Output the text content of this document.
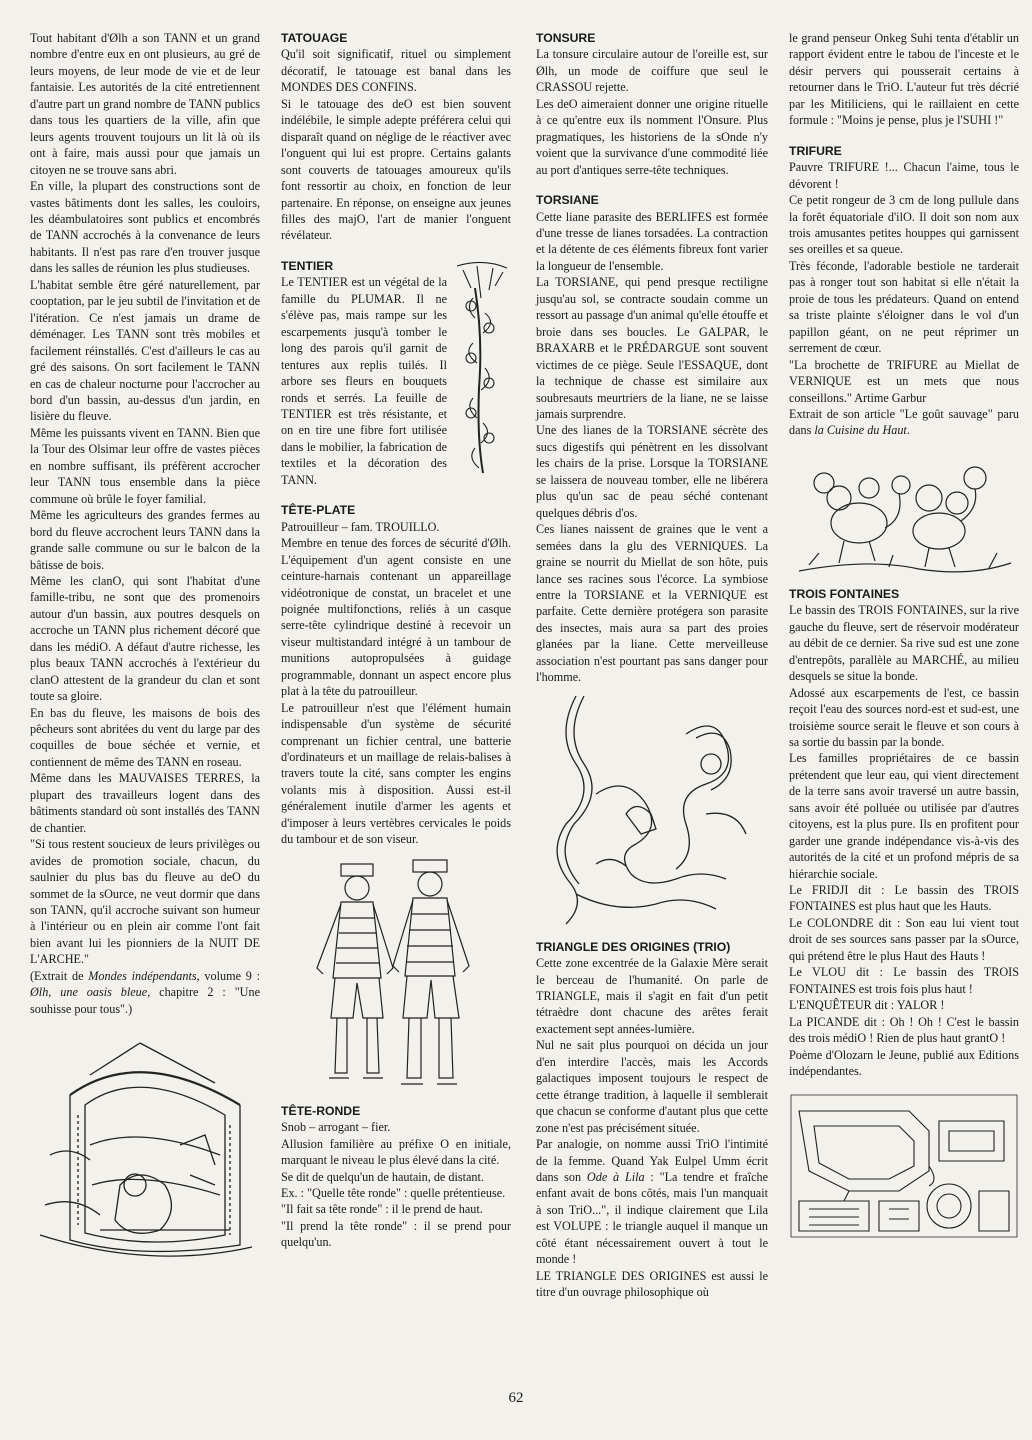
Tout habitant d'Ølh a son TANN et un grand nombre d'entre eux en ont plusieurs, au gré de leurs moyens, de leur mode de vie et de leur fantaisie. Les autorités de la cité entretiennent d'autre part un grand nombre de TANN publics dans tous les quartiers de la ville, afin que leurs agents trouvent toujours un lit là où ils ont à faire, mais aussi pour que jamais un citoyen ne se trouve sans abri.

En ville, la plupart des constructions sont de vastes bâtiments dont les salles, les couloirs, les déambulatoires sont publics et encombrés de TANN accrochés à la convenance de leurs habitants. Il n'est pas rare d'en trouver jusque dans les salles de réunion les plus studieuses.

L'habitat semble être géré naturellement, par cooptation, par le jeu subtil de l'invitation et de l'itération. Ce n'est jamais un drame de déménager. Les TANN sont très mobiles et facilement réinstallés. C'est d'ailleurs le cas au gré des saisons. On sort facilement le TANN en cas de chaleur nocturne pour l'accrocher au bord d'un bassin, au-dessus d'un jardin, en lisière du fleuve.

Même les puissants vivent en TANN. Bien que la Tour des Olsimar leur offre de vastes pièces en nombre suffisant, ils préfèrent accrocher leur TANN tous ensemble dans la pièce commune où brûle le foyer familial.

Même les agriculteurs des grandes fermes au bord du fleuve accrochent leurs TANN dans la grande salle commune ou sur le balcon de la bâtisse de bois.

Même les clanO, qui sont l'habitat d'une famille-tribu, ne sont que des promenoirs autour d'un bassin, aux poutres desquels on accroche un TANN plus richement décoré que dans les médiO. A défaut d'autre richesse, les plus beaux TANN accrochés à l'extérieur du clanO attestent de la grandeur du clan et sont toute sa gloire.

En bas du fleuve, les maisons de bois des pêcheurs sont abritées du vent du large par des coquilles de boue séchée et vernie, et contiennent de même des TANN en roseau.

Même dans les MAUVAISES TERRES, la plupart des travailleurs logent dans des bâtiments standard où sont installés des TANN de chantier.

"Si tous restent soucieux de leurs privilèges ou avides de promotion sociale, chacun, du saulnier du plus bas du fleuve au deO du sommet de la sOurce, ne veut dormir que dans son TANN, qu'il accroche suivant son humeur à l'intérieur ou en plein air comme l'ont fait bien avant lui les pionniers de la NUIT DE L'ARCHE."

(Extrait de Mondes indépendants, volume 9 : Ølh, une oasis bleue, chapitre 2 : "Une souhisse pour tous".)

TATOUAGE

Qu'il soit significatif, rituel ou simplement décoratif, le tatouage est banal dans les MONDES DES CONFINS.

Si le tatouage des deO est bien souvent indélébile, le simple adepte préférera celui qui disparaît quand on néglige de le réactiver avec l'onguent qui lui est propre. Certains galants sont couverts de tatouages amoureux qu'ils font ressortir au choix, en fonction de leur partenaire. En réponse, on enseigne aux jeunes filles des majO, l'art de manier l'onguent révélateur.

TENTIER

Le TENTIER est un végétal de la famille du PLUMAR. Il ne s'élève pas, mais rampe sur les escarpements jusqu'à tomber le long des parois qu'il garnit de tentures aux replis tuilés. Il arbore ses fleurs en bouquets ronds et serrés. La feuille de TENTIER est très résistante, et on en tire une fibre fort utilisée dans le mobilier, la fabrication de textiles et la décoration des TANN.

TÊTE-PLATE

Patrouilleur – fam. TROUILLO.

Membre en tenue des forces de sécurité d'Ølh. L'équipement d'un agent consiste en une ceinture-harnais contenant un appareillage vidéotronique de constat, un bracelet et une poignée multifonctions, reliés à un casque serre-tête cylindrique destiné à recevoir un viseur multistandard intégré à un tambour de munitions autopropulsées à guidage programmable, donnant un aspect encore plus plat à la tête du patrouilleur.

Le patrouilleur n'est que l'élément humain indispensable d'un système de sécurité comprenant un fichier central, une batterie d'ordinateurs et un maillage de relais-balises à travers toute la cité, sans compter les engins volants mis à disposition. Aussi est-il généralement inutile d'armer les agents et d'imposer à leurs vertèbres cervicales le poids du tambour et de son viseur.

TÊTE-RONDE

Snob – arrogant – fier.

Allusion familière au préfixe O en initiale, marquant le niveau le plus élevé dans la cité.

Se dit de quelqu'un de hautain, de distant.

Ex. : "Quelle tête ronde" : quelle prétentieuse.

"Il fait sa tête ronde" : il le prend de haut.

"Il prend la tête ronde" : il se prend pour quelqu'un.

TONSURE

La tonsure circulaire autour de l'oreille est, sur Ølh, un mode de coiffure que seul le CRASSOU rejette.

Les deO aimeraient donner une origine rituelle à ce qu'entre eux ils nomment l'Onsure. Plus pragmatiques, les historiens de la sOnde n'y voient que la survivance d'une commodité liée au port d'antiques serre-tête techniques.

TORSIANE

Cette liane parasite des BERLIFES est formée d'une tresse de lianes torsadées. La contraction et la détente de ces éléments fibreux font varier la longueur de l'ensemble.

La TORSIANE, qui pend presque rectiligne jusqu'au sol, se contracte soudain comme un ressort au passage d'un animal qu'elle étouffe et broie dans ses boucles. Le GALPAR, le BRAXARB et le PRÉDARGUE sont souvent victimes de ce piège. Seule l'ESSAQUE, dont la technique de chasse est similaire aux soubresauts meurtriers de la liane, ne se laisse jamais surprendre.

Une des lianes de la TORSIANE sécrète des sucs digestifs qui pénètrent en les dissolvant les chairs de la prise. Lorsque la TORSIANE se laissera de nouveau tomber, elle ne libérera plus qu'un sac de peau séché contenant quelques débris d'os.

Ces lianes naissent de graines que le vent a semées dans la glu des VERNIQUES. La graine se nourrit du Miellat de son hôte, puis lance ses racines sous l'écorce. La symbiose entre la TORSIANE et la VERNIQUE est parfaite. Cette dernière protégera son parasite des insectes, mais aura sa part des proies glanées par la liane. Cette merveilleuse association n'est pourtant pas sans danger pour l'homme.

TRIANGLE DES ORIGINES (TRIO)

Cette zone excentrée de la Galaxie Mère serait le berceau de l'humanité. On parle de TRIANGLE, mais il s'agit en fait d'un petit tétraèdre dont chacune des arêtes ferait exactement sept années-lumière.

Nul ne sait plus pourquoi on décida un jour d'en interdire l'accès, mais les Accords galactiques imposent toujours le respect de cette étrange tradition, à laquelle il semblerait que chacun se conforme d'autant plus que cette zone n'est pas précisément située.

Par analogie, on nomme aussi TriO l'intimité de la femme. Quand Yak Eulpel Umm écrit dans son Ode à Lila : "La tendre et fraîche enfant avait de bons côtés, mais l'un manquait à son TriO...", il indique clairement que Lila est VOLUPE : le triangle auquel il manque un côté étant nécessairement ouvert à tout le monde !

LE TRIANGLE DES ORIGINES est aussi le titre d'un ouvrage philosophique où

le grand penseur Onkeg Suhi tenta d'établir un rapport évident entre le tabou de l'inceste et le désir pervers qui pousserait certains à retourner dans le TriO. L'auteur fut très décrié par les Mitiliciens, qui le raillaient en cette formule : "Moins je pense, plus je l'SUHI !"

TRIFURE

Pauvre TRIFURE !... Chacun l'aime, tous le dévorent !

Ce petit rongeur de 3 cm de long pullule dans la forêt équatoriale d'ilO. Il doit son nom aux trois amusantes petites houppes qui garnissent ses oreilles et sa queue.

Très féconde, l'adorable bestiole ne tarderait pas à ronger tout son habitat si elle n'était la proie de tous les prédateurs. Quand on entend sa triste plainte s'éloigner dans le vol d'un papillon géant, on ne peut réprimer un serrement de cœur.

"La brochette de TRIFURE au Miellat de VERNIQUE est un mets que nous conseillons." Artime Garbur

Extrait de son article "Le goût sauvage" paru dans la Cuisine du Haut.

TROIS FONTAINES

Le bassin des TROIS FONTAINES, sur la rive gauche du fleuve, sert de réservoir modérateur au débit de ce dernier. Sa rive sud est une zone d'entrepôts, parallèle au MARCHÉ, au milieu desquels se situe la bonde.

Adossé aux escarpements de l'est, ce bassin reçoit l'eau des sources nord-est et sud-est, une troisième source serait le fleuve et son cours à sa sortie du bassin par la bonde.

Les familles propriétaires de ce bassin prétendent que leur eau, qui vient directement de la terre sans avoir traversé un autre bassin, sans avoir été polluée ou utilisée par d'autres citoyens, est la plus pure. Ils en profitent pour garder une grande indépendance vis-à-vis des autorités de la cité et un profond mépris de sa hiérarchie sociale.

Le FRIDJI dit : Le bassin des TROIS FONTAINES est plus haut que les Hauts.

Le COLONDRE dit : Son eau lui vient tout droit de ses sources sans passer par la sOurce, qui prétend être le plus Haut des Hauts !

Le VLOU dit : Le bassin des TROIS FONTAINES est trois fois plus haut !

L'ENQUÊTEUR dit : YALOR !

La PICANDE dit : Oh ! Oh ! C'est le bassin des trois médiO ! Rien de plus haut grantO !

Poème d'Olozarn le Jeune, publié aux Editions indépendantes.

62
